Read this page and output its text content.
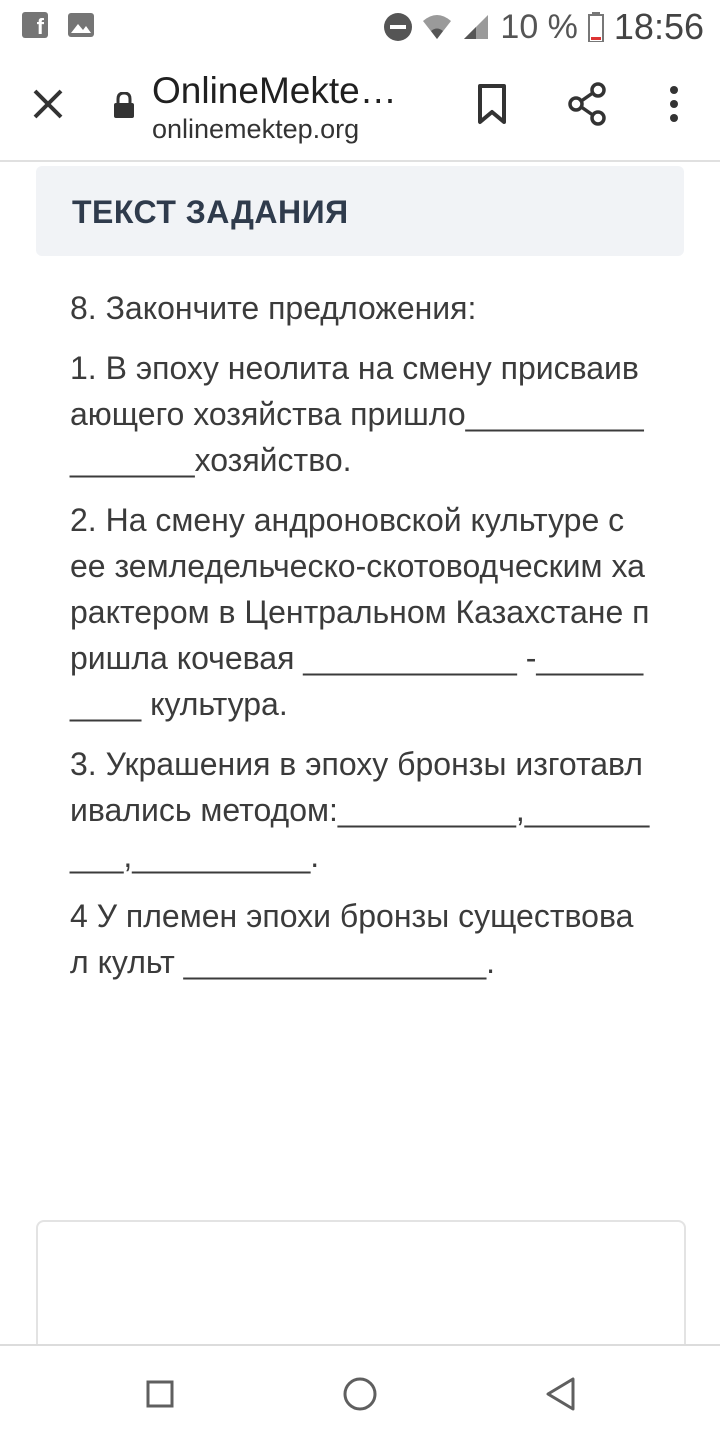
f	10 % 18:56
OnlineMekte…
onlinemektep.org
ТЕКСТ ЗАДАНИЯ

8. Закончите предложения:

1. В эпоху неолита на смену присваивающего хозяйства пришло_________________хозяйство.

2. На смену андроновской культуре с ее земледельческо-скотоводческим характером в Центральном Казахстане пришла кочевая ____________ -__________ культура.

3. Украшения в эпоху бронзы изготавливались методом:__________,__________,__________.

4 У племен эпохи бронзы существовал культ _________________.
